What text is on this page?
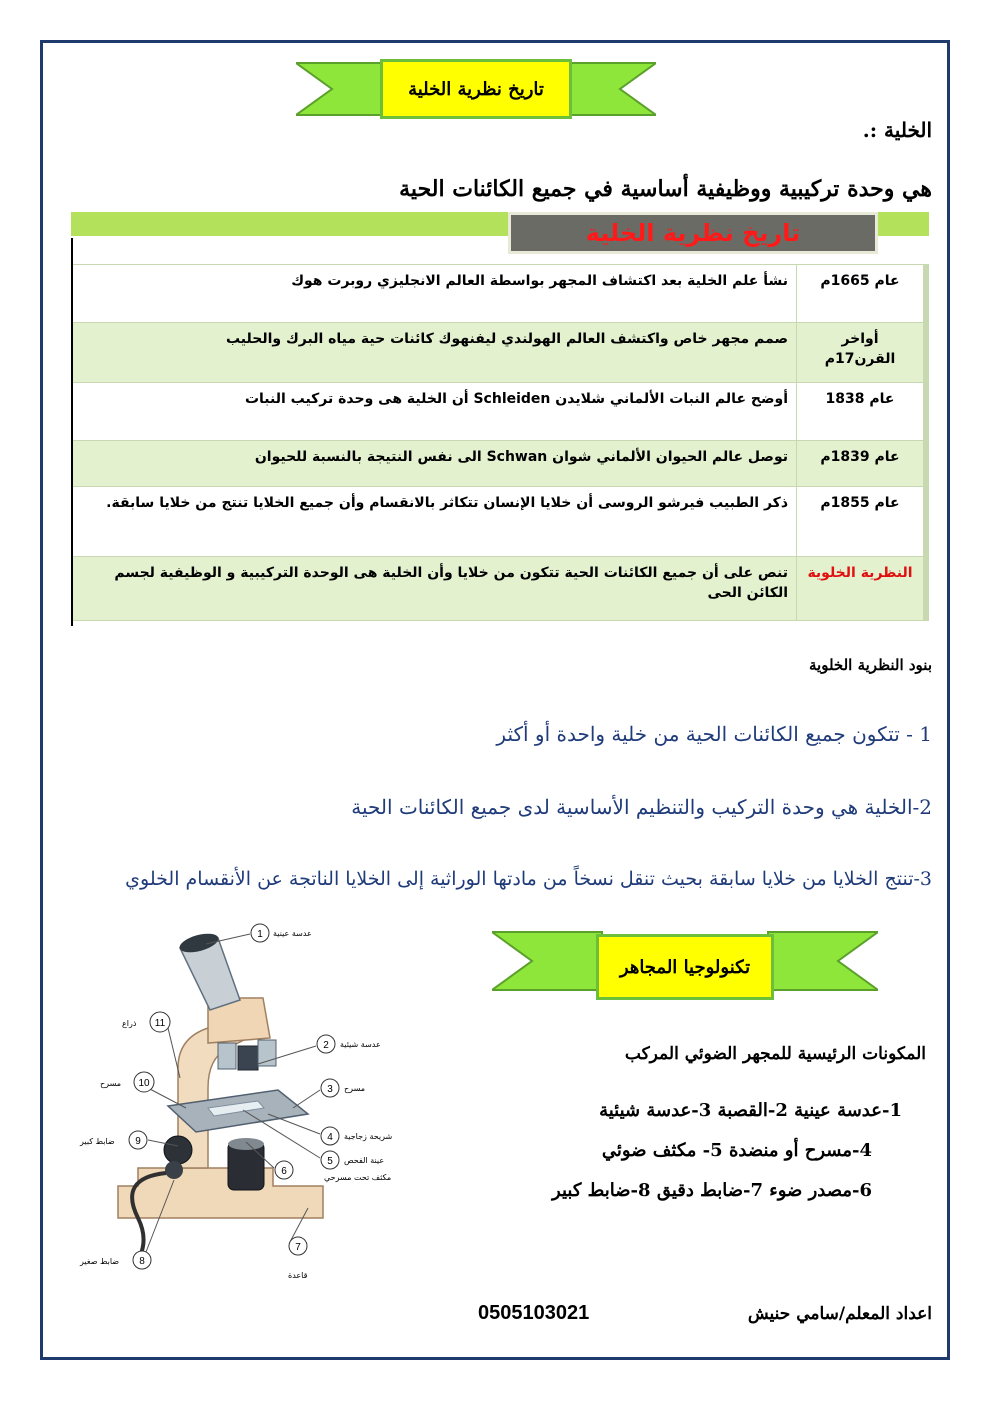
تاريخ نظرية الخلية
الخلية :.
هي وحدة تركيبية ووظيفية أساسية في جميع الكائنات الحية
تاريخ نظرية الخلية
نشأ علم الخلية بعد اكتشاف المجهر بواسطة العالم الانجليزي روبرت هوك	عام 1665م
صمم مجهر خاص واكتشف العالم الهولندي ليفنهوك كائنات حية مياه البرك والحليب	أواخر القرن17م
أوضح عالم النبات الألماني شلايدن Schleiden أن الخلية هى وحدة تركيب النبات	عام 1838
توصل عالم الحيوان الألماني شوان Schwan الى نفس النتيجة بالنسبة للحيوان	عام 1839م
ذكر الطبيب فيرشو الروسى أن خلايا الإنسان تتكاثر بالانقسام وأن جميع الخلايا تنتج من خلايا سابقة.	عام 1855م
تنص على أن جميع الكائنات الحية تتكون من خلايا وأن الخلية هى الوحدة التركيبية و الوظيفية لجسم الكائن الحى	النظرية الخلوية
بنود النظرية الخلوية
1 - تتكون جميع الكائنات الحية من خلية واحدة أو أكثر
2-الخلية هي وحدة التركيب والتنظيم الأساسية لدى جميع الكائنات الحية
3-تنتج الخلايا من خلايا سابقة بحيث تنقل نسخاً من مادتها الوراثية إلى الخلايا الناتجة عن الأنقسام الخلوي
تكنولوجيا المجاهر
المكونات الرئيسية للمجهر الضوئي المركب
1-عدسة عينية 2-القصبة 3-عدسة شيئية
4-مسرح أو منضدة 5- مكثف ضوئي
6-مصدر ضوء 7-ضابط دقيق 8-ضابط كبير
1
2
3
4
5
6
7
8
9
10
11
عدسة عينية
عدسة شيئية
مسرح
شريحة زجاجية
عينة الفحص
مكثف تحت مسرحي
قاعدة
ضابط صغير
ضابط كبير
مسرح
ذراع
0505103021	اعداد المعلم/سامي حنيش
